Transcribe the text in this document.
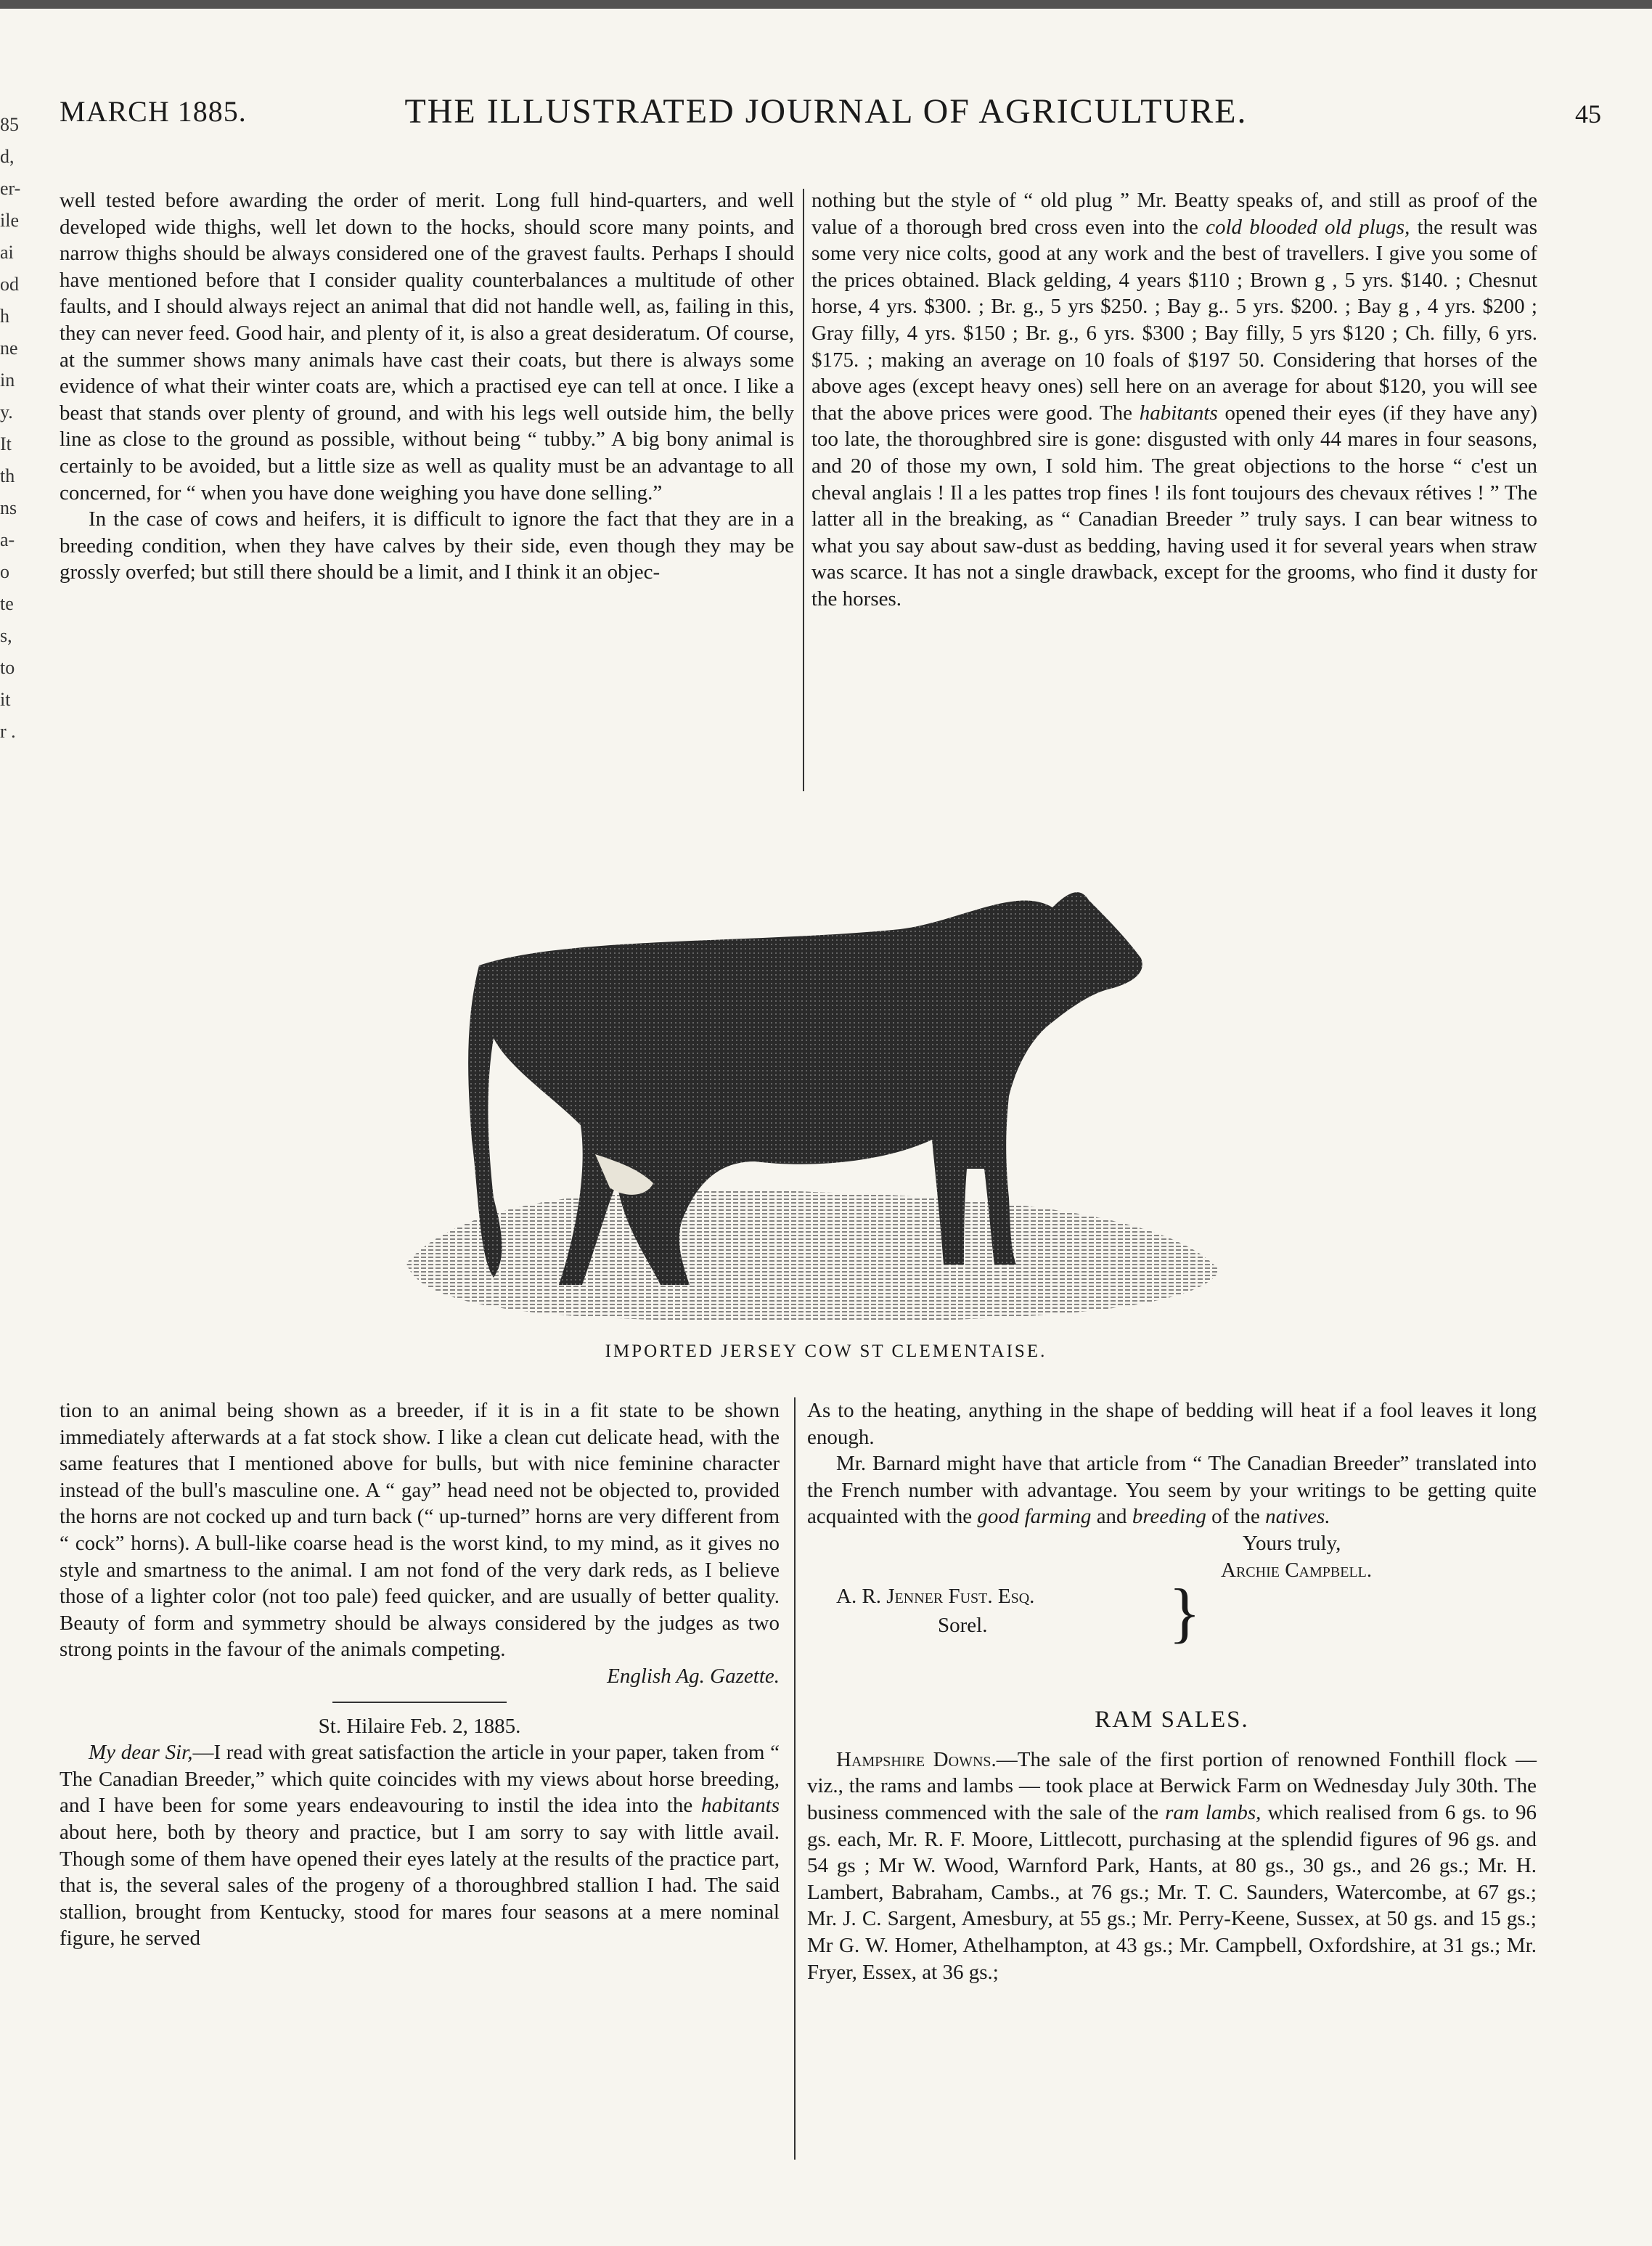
85
d,
er-
ile
ai
od
h
ne
in
y.
It
th
ns
a-
o
te
s,
to
it
r .
MARCH 1885.	THE ILLUSTRATED JOURNAL OF AGRICULTURE.	45

well tested before awarding the order of merit. Long full hind-quarters, and well developed wide thighs, well let down to the hocks, should score many points, and narrow thighs should be always considered one of the gravest faults. Perhaps I should have mentioned before that I consider quality counterbalances a multitude of other faults, and I should always reject an animal that did not handle well, as, failing in this, they can never feed. Good hair, and plenty of it, is also a great desideratum. Of course, at the summer shows many animals have cast their coats, but there is always some evidence of what their winter coats are, which a practised eye can tell at once. I like a beast that stands over plenty of ground, and with his legs well outside him, the belly line as close to the ground as possible, without being “ tubby.” A big bony animal is certainly to be avoided, but a little size as well as quality must be an advantage to all concerned, for “ when you have done weighing you have done selling.”

In the case of cows and heifers, it is difficult to ignore the fact that they are in a breeding condition, when they have calves by their side, even though they may be grossly overfed; but still there should be a limit, and I think it an objec-

nothing but the style of “ old plug ” Mr. Beatty speaks of, and still as proof of the value of a thorough bred cross even into the cold blooded old plugs, the result was some very nice colts, good at any work and the best of travellers. I give you some of the prices obtained. Black gelding, 4 years $110 ; Brown g , 5 yrs. $140. ; Chesnut horse, 4 yrs. $300. ; Br. g., 5 yrs $250. ; Bay g.. 5 yrs. $200. ; Bay g , 4 yrs. $200 ; Gray filly, 4 yrs. $150 ; Br. g., 6 yrs. $300 ; Bay filly, 5 yrs $120 ; Ch. filly, 6 yrs. $175. ; making an average on 10 foals of $197 50. Considering that horses of the above ages (except heavy ones) sell here on an average for about $120, you will see that the above prices were good. The habitants opened their eyes (if they have any) too late, the thoroughbred sire is gone: disgusted with only 44 mares in four seasons, and 20 of those my own, I sold him. The great objections to the horse “ c'est un cheval anglais ! Il a les pattes trop fines ! ils font toujours des chevaux rétives ! ” The latter all in the breaking, as “ Canadian Breeder ” truly says. I can bear witness to what you say about saw-dust as bedding, having used it for several years when straw was scarce. It has not a single drawback, except for the grooms, who find it dusty for the horses.

IMPORTED JERSEY COW ST CLEMENTAISE.

tion to an animal being shown as a breeder, if it is in a fit state to be shown immediately afterwards at a fat stock show. I like a clean cut delicate head, with the same features that I mentioned above for bulls, but with nice feminine character instead of the bull's masculine one. A “ gay” head need not be objected to, provided the horns are not cocked up and turn back (“ up-turned” horns are very different from “ cock” horns). A bull-like coarse head is the worst kind, to my mind, as it gives no style and smartness to the animal. I am not fond of the very dark reds, as I believe those of a lighter color (not too pale) feed quicker, and are usually of better quality. Beauty of form and symmetry should be always considered by the judges as two strong points in the favour of the animals competing.

English Ag. Gazette.

St. Hilaire Feb. 2, 1885.

My dear Sir,—I read with great satisfaction the article in your paper, taken from “ The Canadian Breeder,” which quite coincides with my views about horse breeding, and I have been for some years endeavouring to instil the idea into the habitants about here, both by theory and practice, but I am sorry to say with little avail. Though some of them have opened their eyes lately at the results of the practice part, that is, the several sales of the progeny of a thoroughbred stallion I had. The said stallion, brought from Kentucky, stood for mares four seasons at a mere nominal figure, he served

As to the heating, anything in the shape of bedding will heat if a fool leaves it long enough.

Mr. Barnard might have that article from “ The Canadian Breeder” translated into the French number with advantage. You seem by your writings to be getting quite acquainted with the good farming and breeding of the natives.

Yours truly,

Archie Campbell.

A. R. Jenner Fust. Esq.
Sorel.	}
RAM SALES.

Hampshire Downs.—The sale of the first portion of renowned Fonthill flock — viz., the rams and lambs — took place at Berwick Farm on Wednesday July 30th. The business commenced with the sale of the ram lambs, which realised from 6 gs. to 96 gs. each, Mr. R. F. Moore, Littlecott, purchasing at the splendid figures of 96 gs. and 54 gs ; Mr W. Wood, Warnford Park, Hants, at 80 gs., 30 gs., and 26 gs.; Mr. H. Lambert, Babraham, Cambs., at 76 gs.; Mr. T. C. Saunders, Watercombe, at 67 gs.; Mr. J. C. Sargent, Amesbury, at 55 gs.; Mr. Perry-Keene, Sussex, at 50 gs. and 15 gs.; Mr G. W. Homer, Athelhampton, at 43 gs.; Mr. Campbell, Oxfordshire, at 31 gs.; Mr. Fryer, Essex, at 36 gs.;
